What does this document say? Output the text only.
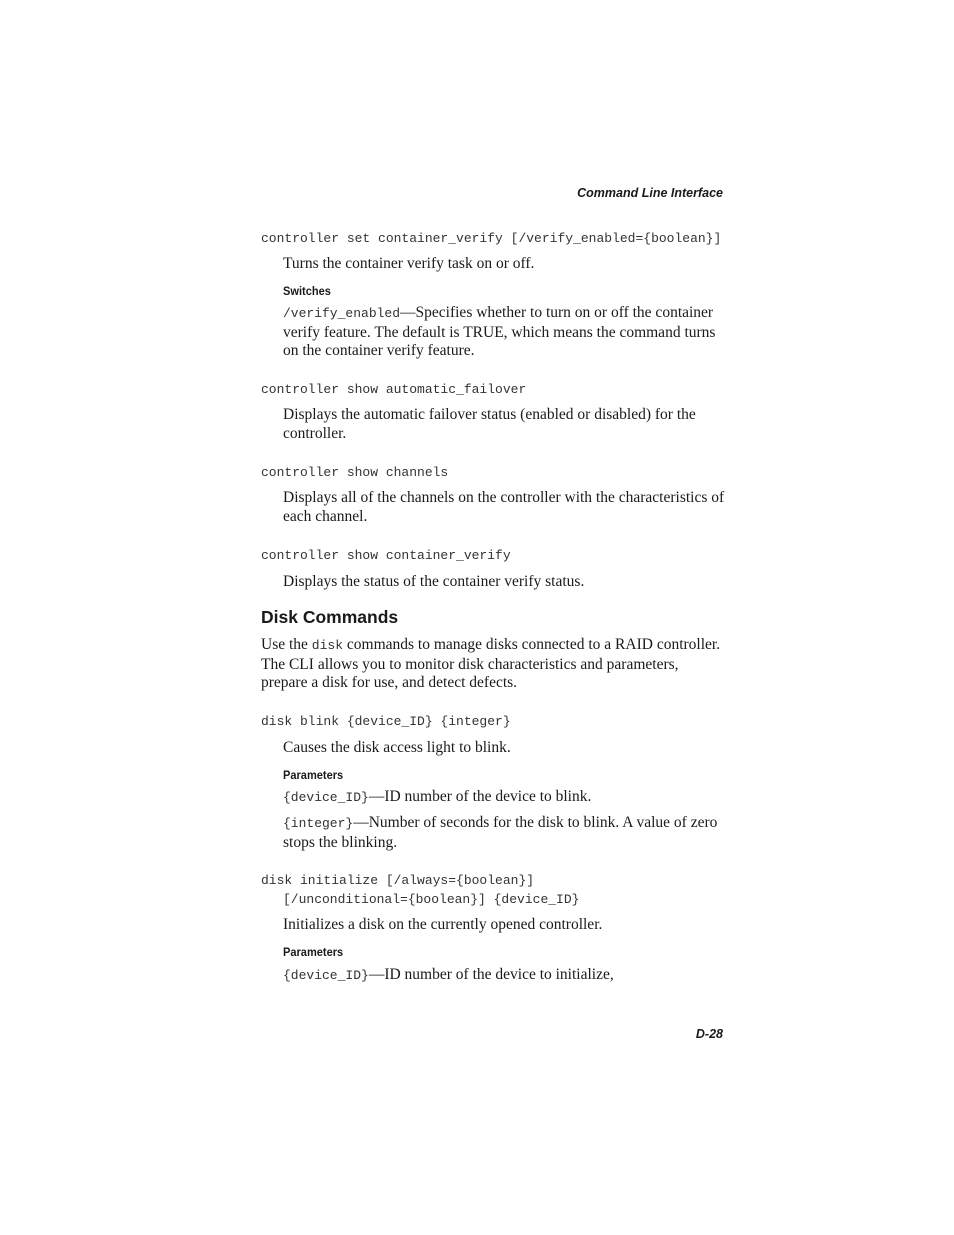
Command Line Interface
controller set container_verify [/verify_enabled={boolean}]
Turns the container verify task on or off.
Switches
/verify_enabled—Specifies whether to turn on or off the container verify feature. The default is TRUE, which means the command turns on the container verify feature.
controller show automatic_failover
Displays the automatic failover status (enabled or disabled) for the controller.
controller show channels
Displays all of the channels on the controller with the characteristics of each channel.
controller show container_verify
Displays the status of the container verify status.
Disk Commands
Use the disk commands to manage disks connected to a RAID controller. The CLI allows you to monitor disk characteristics and parameters, prepare a disk for use, and detect defects.
disk blink {device_ID} {integer}
Causes the disk access light to blink.
Parameters
{device_ID}—ID number of the device to blink.
{integer}—Number of seconds for the disk to blink. A value of zero stops the blinking.
disk initialize [/always={boolean}]
[/unconditional={boolean}] {device_ID}
Initializes a disk on the currently opened controller.
Parameters
{device_ID}—ID number of the device to initialize,
D-28
